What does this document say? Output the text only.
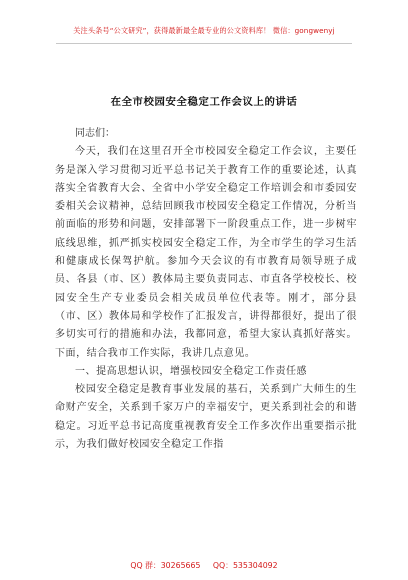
关注头条号“公文研究”，获得最新最全最专业的公文资料库！ 微信：gongwenyj
在全市校园安全稳定工作会议上的讲话

同志们：

今天，我们在这里召开全市校园安全稳定工作会议，主要任务是深入学习贯彻习近平总书记关于教育工作的重要论述，认真落实全省教育大会、全省中小学安全稳定工作培训会和市委园安委相关会议精神，总结回顾我市校园安全稳定工作情况，分析当前面临的形势和问题，安排部署下一阶段重点工作，进一步树牢底线思维，抓严抓实校园安全稳定工作，为全市学生的学习生活和健康成长保驾护航。参加今天会议的有市教育局领导班子成员、各县（市、区）教体局主要负责同志、市直各学校校长、校园安全生产专业委员会相关成员单位代表等。刚才，部分县（市、区）教体局和学校作了汇报发言，讲得都很好，提出了很多切实可行的措施和办法，我都同意，希望大家认真抓好落实。下面，结合我市工作实际，我讲几点意见。

一、提高思想认识，增强校园安全稳定工作责任感

校园安全稳定是教育事业发展的基石，关系到广大师生的生命财产安全，关系到千家万户的幸福安宁，更关系到社会的和谐稳定。习近平总书记高度重视教育安全工作多次作出重要指示批示，为我们做好校园安全稳定工作指

QQ 群：30265665 QQ：535304092
